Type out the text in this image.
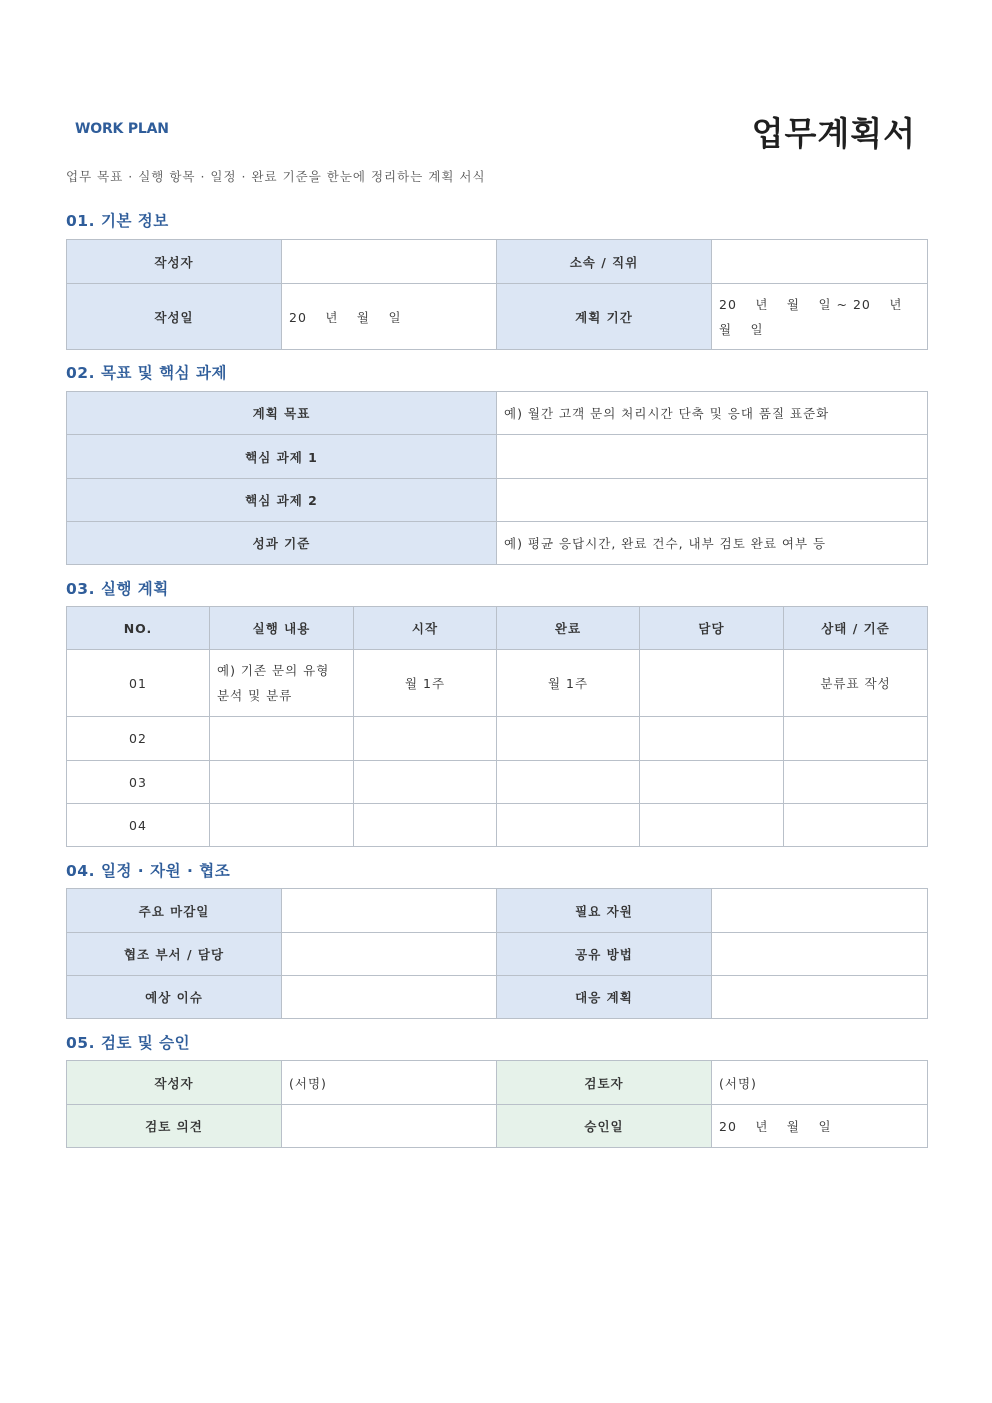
WORK PLAN	업무계획서
업무 목표 · 실행 항목 · 일정 · 완료 기준을 한눈에 정리하는 계획 서식
01. 기본 정보
작성자		소속 / 직위	
작성일	20　 년　 월　 일	계획 기간	20　 년　 월　 일 ~ 20　 년　 월　 일
02. 목표 및 핵심 과제
계획 목표	예) 월간 고객 문의 처리시간 단축 및 응대 품질 표준화
핵심 과제 1	
핵심 과제 2	
성과 기준	예) 평균 응답시간, 완료 건수, 내부 검토 완료 여부 등
03. 실행 계획
NO.	실행 내용	시작	완료	담당	상태 / 기준
01	예) 기존 문의 유형 분석 및 분류	월 1주	월 1주		분류표 작성
02					
03					
04					
04. 일정 · 자원 · 협조
주요 마감일		필요 자원	
협조 부서 / 담당		공유 방법	
예상 이슈		대응 계획	
05. 검토 및 승인
작성자	(서명)	검토자	(서명)
검토 의견		승인일	20　 년　 월　 일
